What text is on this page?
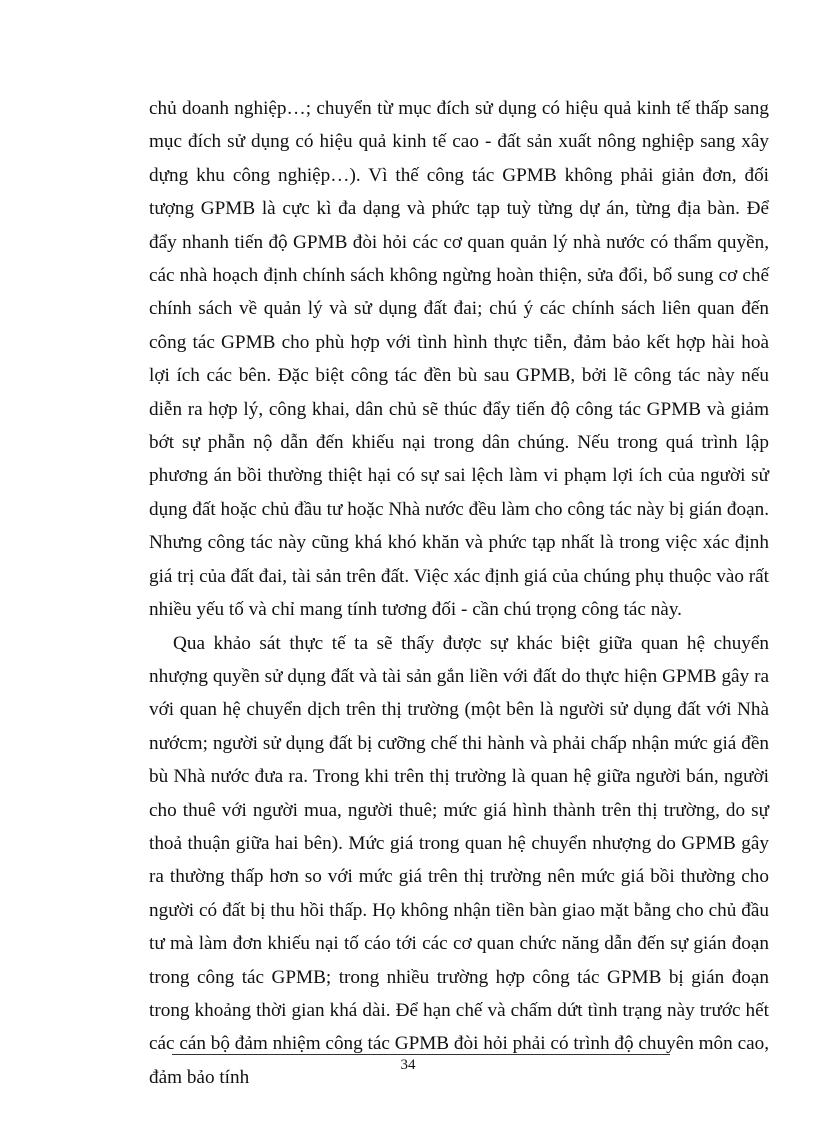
chủ doanh nghiệp…; chuyển từ mục đích sử dụng có hiệu quả kinh tế thấp sang mục đích sử dụng có hiệu quả kinh tế cao - đất sản xuất nông nghiệp sang xây dựng khu công nghiệp…). Vì thế công tác GPMB không phải giản đơn, đối tượng GPMB là cực kì đa dạng và phức tạp tuỳ từng dự án, từng địa bàn. Để đẩy nhanh tiến độ GPMB đòi hỏi các cơ quan quản lý nhà nước có thẩm quyền, các nhà hoạch định chính sách không ngừng hoàn thiện, sửa đổi, bổ sung cơ chế chính sách về quản lý và sử dụng đất đai; chú ý các chính sách liên quan đến công tác GPMB cho phù hợp với tình hình thực tiễn, đảm bảo kết hợp hài hoà lợi ích các bên. Đặc biệt công tác đền bù sau GPMB, bởi lẽ công tác này nếu diễn ra hợp lý, công khai, dân chủ sẽ thúc đẩy tiến độ công tác GPMB và giảm bớt sự phẫn nộ dẫn đến khiếu nại trong dân chúng. Nếu trong quá trình lập phương án bồi thường thiệt hại có sự sai lệch làm vi phạm lợi ích của người sử dụng đất hoặc chủ đầu tư hoặc Nhà nước đều làm cho công tác này bị gián đoạn. Nhưng công tác này cũng khá khó khăn và phức tạp nhất là trong việc xác định giá trị của đất đai, tài sản trên đất. Việc xác định giá của chúng phụ thuộc vào rất nhiều yếu tố và chỉ mang tính tương đối - cần chú trọng công tác này.

Qua khảo sát thực tế ta sẽ thấy được sự khác biệt giữa quan hệ chuyển nhượng quyền sử dụng đất và tài sản gắn liền với đất do thực hiện GPMB gây ra với quan hệ chuyển dịch trên thị trường (một bên là người sử dụng đất với Nhà nướcm; người sử dụng đất bị cưỡng chế thi hành và phải chấp nhận mức giá đền bù Nhà nước đưa ra. Trong khi trên thị trường là quan hệ giữa người bán, người cho thuê với người mua, người thuê; mức giá hình thành trên thị trường, do sự thoả thuận giữa hai bên). Mức giá trong quan hệ chuyển nhượng do GPMB gây ra thường thấp hơn so với mức giá trên thị trường nên mức giá bồi thường cho người có đất bị thu hồi thấp. Họ không nhận tiền bàn giao mặt bằng cho chủ đầu tư mà làm đơn khiếu nại tố cáo tới các cơ quan chức năng dẫn đến sự gián đoạn trong công tác GPMB; trong nhiều trường hợp công tác GPMB bị gián đoạn trong khoảng thời gian khá dài. Để hạn chế và chấm dứt tình trạng này trước hết các cán bộ đảm nhiệm công tác GPMB đòi hỏi phải có trình độ chuyên môn cao, đảm bảo tính

34
